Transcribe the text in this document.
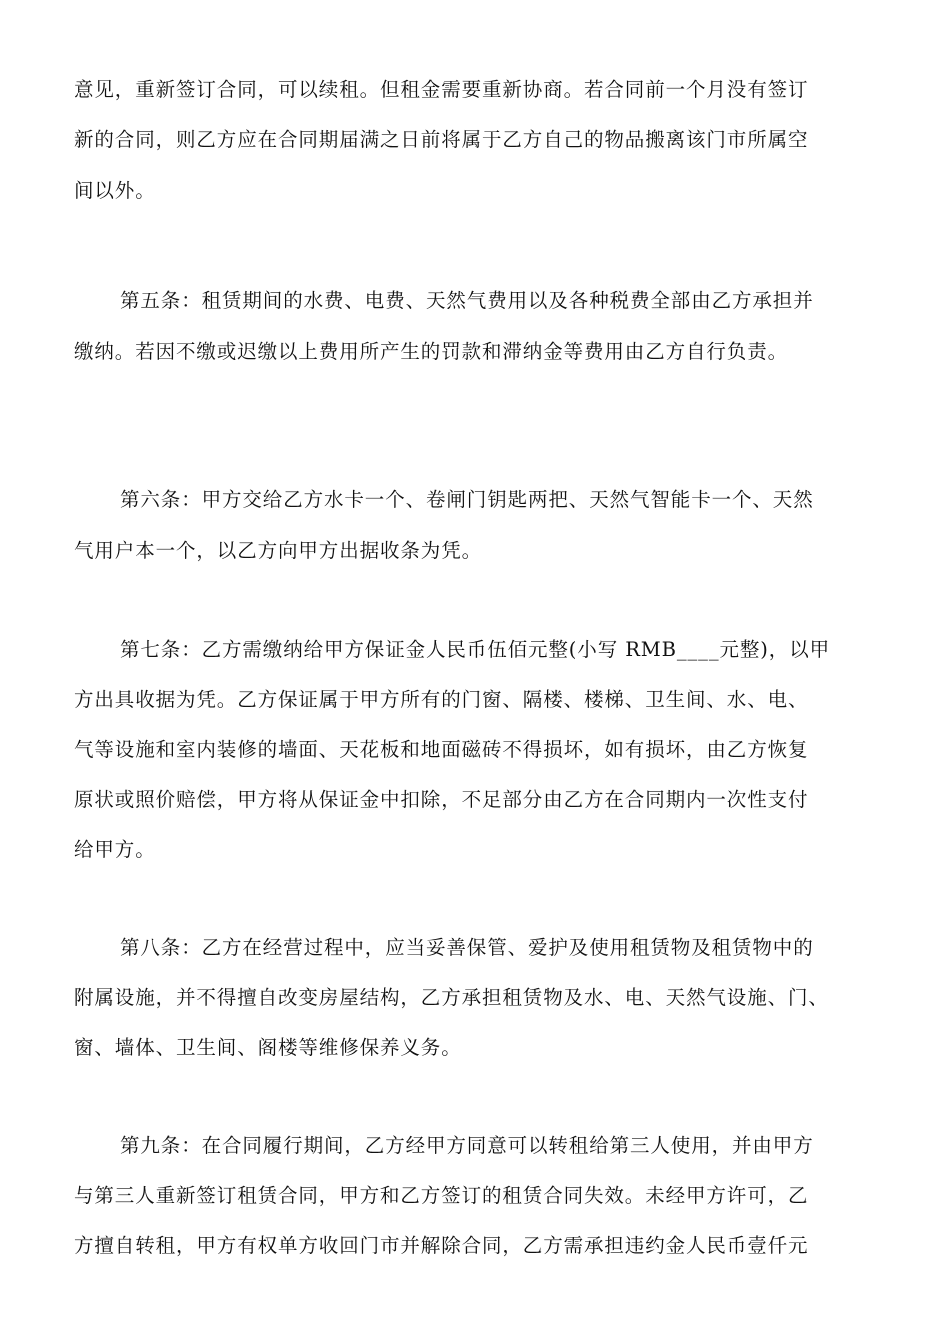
意见，重新签订合同，可以续租。但租金需要重新协商。若合同前一个月没有签订
新的合同，则乙方应在合同期届满之日前将属于乙方自己的物品搬离该门市所属空
间以外。
第五条：租赁期间的水费、电费、天然气费用以及各种税费全部由乙方承担并
缴纳。若因不缴或迟缴以上费用所产生的罚款和滞纳金等费用由乙方自行负责。
第六条：甲方交给乙方水卡一个、卷闸门钥匙两把、天然气智能卡一个、天然
气用户本一个，以乙方向甲方出据收条为凭。
第七条：乙方需缴纳给甲方保证金人民币伍佰元整(小写 RMB____元整)，以甲
方出具收据为凭。乙方保证属于甲方所有的门窗、隔楼、楼梯、卫生间、水、电、
气等设施和室内装修的墙面、天花板和地面磁砖不得损坏，如有损坏，由乙方恢复
原状或照价赔偿，甲方将从保证金中扣除，不足部分由乙方在合同期内一次性支付
给甲方。
第八条：乙方在经营过程中，应当妥善保管、爱护及使用租赁物及租赁物中的
附属设施，并不得擅自改变房屋结构，乙方承担租赁物及水、电、天然气设施、门、
窗、墙体、卫生间、阁楼等维修保养义务。
第九条：在合同履行期间，乙方经甲方同意可以转租给第三人使用，并由甲方
与第三人重新签订租赁合同，甲方和乙方签订的租赁合同失效。未经甲方许可，乙
方擅自转租，甲方有权单方收回门市并解除合同，乙方需承担违约金人民币壹仟元
